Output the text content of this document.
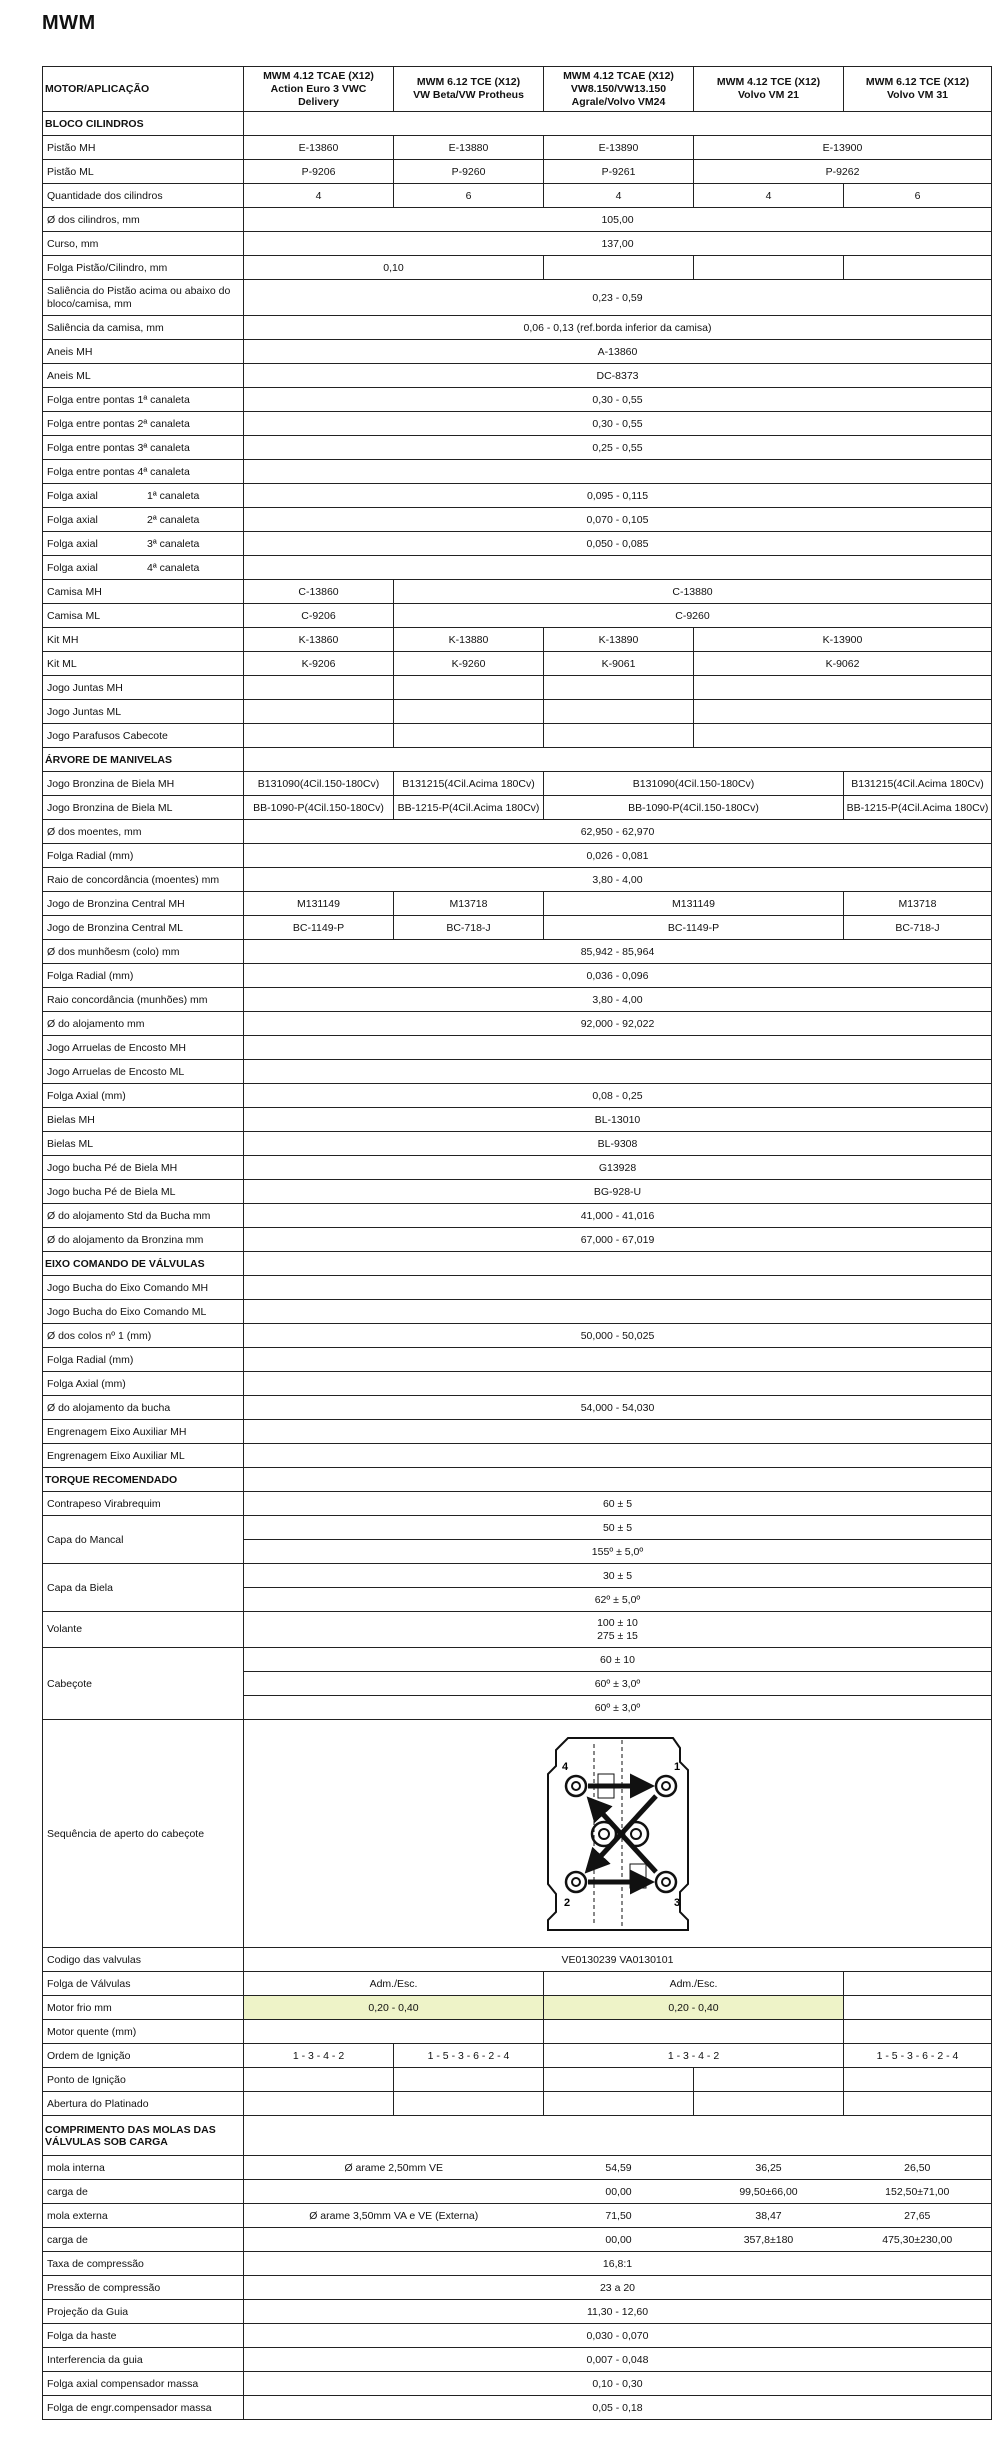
MWM
MOTOR/APLICAÇÃO	MWM 4.12 TCAE (X12)
Action Euro 3 VWC
Delivery	MWM 6.12 TCE (X12)
VW Beta/VW Protheus	MWM 4.12 TCAE (X12)
VW8.150/VW13.150
Agrale/Volvo VM24	MWM 4.12 TCE (X12)
Volvo VM 21	MWM 6.12 TCE (X12)
Volvo VM 31
BLOCO CILINDROS					
Pistão MH	E-13860	E-13880	E-13890	E-13900	
Pistão ML	P-9206	P-9260	P-9261	P-9262	
Quantidade dos cilindros	4	6	4	4	6
Ø dos cilindros, mm	105,00				
Curso, mm	137,00				
Folga Pistão/Cilindro, mm	0,10				
Saliência do Pistão acima ou abaixo do bloco/camisa, mm	0,23 - 0,59				
Saliência da camisa, mm	0,06 - 0,13 (ref.borda inferior da camisa)				
Aneis MH	A-13860				
Aneis ML	DC-8373				
Folga entre pontas 1ª canaleta	0,30 - 0,55				
Folga entre pontas 2ª canaleta	0,30 - 0,55				
Folga entre pontas 3ª canaleta	0,25 - 0,55				
Folga entre pontas 4ª canaleta					
Folga axial 1ª canaleta	0,095 - 0,115				
Folga axial 2ª canaleta	0,070 - 0,105				
Folga axial 3ª canaleta	0,050 - 0,085				
Folga axial 4ª canaleta					
Camisa MH	C-13860	C-13880			
Camisa ML	C-9206	C-9260			
Kit MH	K-13860	K-13880	K-13890	K-13900	
Kit ML	K-9206	K-9260	K-9061	K-9062	
Jogo Juntas MH					
Jogo Juntas ML					
Jogo Parafusos Cabecote					
ÁRVORE DE MANIVELAS					
Jogo Bronzina de Biela MH	B131090(4Cil.150-180Cv)	B131215(4Cil.Acima 180Cv)	B131090(4Cil.150-180Cv)		B131215(4Cil.Acima 180Cv)
Jogo Bronzina de Biela ML	BB-1090-P(4Cil.150-180Cv)	BB-1215-P(4Cil.Acima 180Cv)	BB-1090-P(4Cil.150-180Cv)		BB-1215-P(4Cil.Acima 180Cv)
Ø dos moentes, mm	62,950 - 62,970				
Folga Radial (mm)	0,026 - 0,081				
Raio de concordância (moentes) mm	3,80 - 4,00				
Jogo de Bronzina Central MH	M131149	M13718	M131149		M13718
Jogo de Bronzina Central ML	BC-1149-P	BC-718-J	BC-1149-P		BC-718-J
Ø dos munhõesm (colo) mm	85,942 - 85,964				
Folga Radial (mm)	0,036 - 0,096				
Raio concordância (munhões) mm	3,80 - 4,00				
Ø do alojamento mm	92,000 - 92,022				
Jogo Arruelas de Encosto MH					
Jogo Arruelas de Encosto ML					
Folga Axial (mm)	0,08 - 0,25				
Bielas MH	BL-13010				
Bielas ML	BL-9308				
Jogo bucha Pé de Biela MH	G13928				
Jogo bucha Pé de Biela ML	BG-928-U				
Ø do alojamento Std da Bucha mm	41,000 - 41,016				
Ø do alojamento da Bronzina mm	67,000 - 67,019				
EIXO COMANDO DE VÁLVULAS					
Jogo Bucha do Eixo Comando MH					
Jogo Bucha do Eixo Comando ML					
Ø dos colos nº 1 (mm)	50,000 - 50,025				
Folga Radial (mm)					
Folga Axial (mm)					
Ø do alojamento da bucha	54,000 - 54,030				
Engrenagem Eixo Auxiliar MH					
Engrenagem Eixo Auxiliar ML					
TORQUE RECOMENDADO					
Contrapeso Virabrequim	60 ± 5				
Capa do Mancal	50 ± 5				
	155º ± 5,0º				
Capa da Biela	30 ± 5				
	62º ± 5,0º				
Volante	100 ± 10
275 ± 15				
Cabeçote	60 ± 10				
	60º ± 3,0º				
	60º ± 3,0º				
Sequência de aperto do cabeçote	4 1
2 3				

Codigo das valvulas	VE0130239 VA0130101				
Folga de Válvulas	Adm./Esc.		Adm./Esc.		
Motor frio mm	0,20 - 0,40		0,20 - 0,40		
Motor quente (mm)					
Ordem de Ignição	1 - 3 - 4 - 2	1 - 5 - 3 - 6 - 2 - 4	1 - 3 - 4 - 2		1 - 5 - 3 - 6 - 2 - 4
Ponto de Ignição					
Abertura do Platinado					
COMPRIMENTO DAS MOLAS DAS VÁLVULAS SOB CARGA					
mola interna	Ø arame 2,50mm VE		54,59	36,25	26,50
carga de			00,00	99,50±66,00	152,50±71,00
mola externa	Ø arame 3,50mm VA e VE (Externa)		71,50	38,47	27,65
carga de			00,00	357,8±180	475,30±230,00
Taxa de compressão	16,8:1				
Pressão de compressão	23 a 20				
Projeção da Guia	11,30 - 12,60				
Folga da haste	0,030 - 0,070				
Interferencia da guia	0,007 - 0,048				
Folga axial compensador massa	0,10 - 0,30				
Folga de engr.compensador massa	0,05 - 0,18				
